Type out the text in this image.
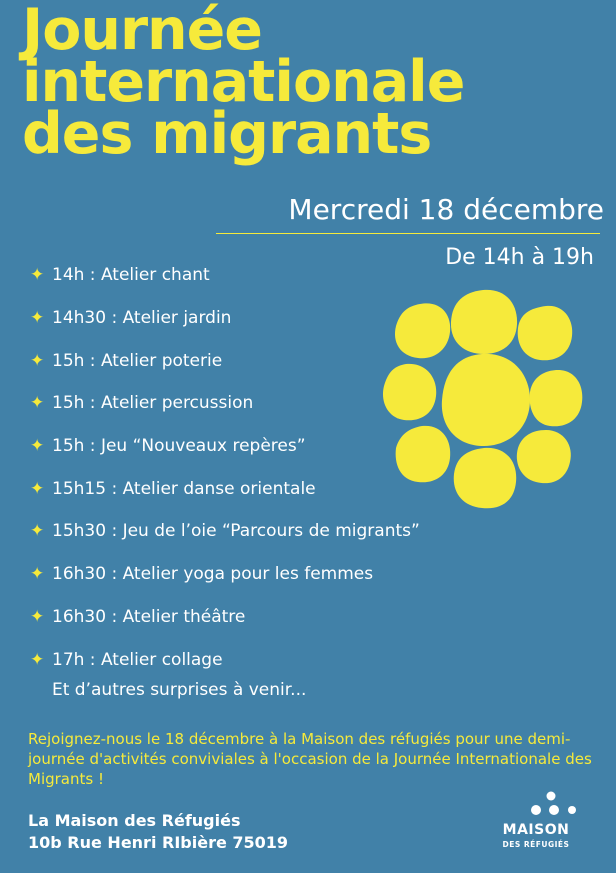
Journée
internationale
des migrants
Mercredi 18 décembre
De 14h à 19h
✦ 14h : Atelier chant
✦ 14h30 : Atelier jardin
✦ 15h : Atelier poterie
✦ 15h : Atelier percussion
✦ 15h : Jeu “Nouveaux repères”
✦ 15h15 : Atelier danse orientale
✦ 15h30 : Jeu de l’oie “Parcours de migrants”
✦ 16h30 : Atelier yoga pour les femmes
✦ 16h30 : Atelier théâtre
✦ 17h : Atelier collage
Et d’autres surprises à venir...
Rejoignez-nous le 18 décembre à la Maison des réfugiés pour une demi-journée d'activités conviviales à l'occasion de la Journée Internationale des Migrants !
La Maison des Réfugiés
10b Rue Henri RIbière 75019
MAISON
DES RÉFUGIÉS
